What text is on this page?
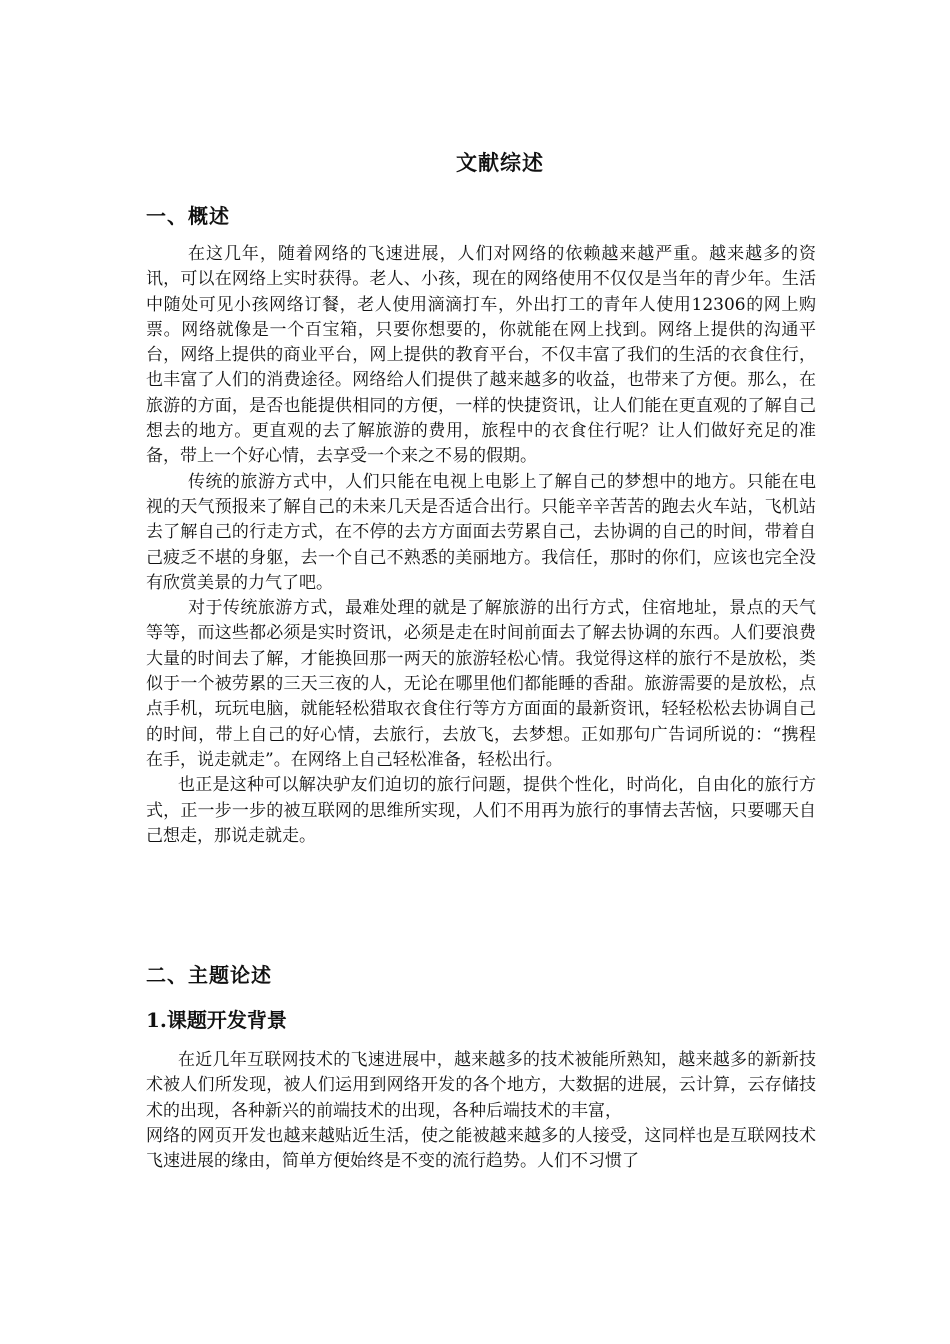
文献综述
一、概述

在这几年，随着网络的飞速进展，人们对网络的依赖越来越严重。越来越多的资讯，可以在网络上实时获得。老人、小孩，现在的网络使用不仅仅是当年的青少年。生活中随处可见小孩网络订餐，老人使用滴滴打车，外出打工的青年人使用12306的网上购票。网络就像是一个百宝箱，只要你想要的，你就能在网上找到。网络上提供的沟通平台，网络上提供的商业平台，网上提供的教育平台，不仅丰富了我们的生活的衣食住行，也丰富了人们的消费途径。网络给人们提供了越来越多的收益，也带来了方便。那么，在旅游的方面，是否也能提供相同的方便，一样的快捷资讯，让人们能在更直观的了解自己想去的地方。更直观的去了解旅游的费用，旅程中的衣食住行呢？让人们做好充足的准备，带上一个好心情，去享受一个来之不易的假期。

传统的旅游方式中，人们只能在电视上电影上了解自己的梦想中的地方。只能在电视的天气预报来了解自己的未来几天是否适合出行。只能辛辛苦苦的跑去火车站，飞机站去了解自己的行走方式，在不停的去方方面面去劳累自己，去协调的自己的时间，带着自己疲乏不堪的身躯，去一个自己不熟悉的美丽地方。我信任，那时的你们，应该也完全没有欣赏美景的力气了吧。

对于传统旅游方式，最难处理的就是了解旅游的出行方式，住宿地址，景点的天气等等，而这些都必须是实时资讯，必须是走在时间前面去了解去协调的东西。人们要浪费大量的时间去了解，才能换回那一两天的旅游轻松心情。我觉得这样的旅行不是放松，类似于一个被劳累的三天三夜的人，无论在哪里他们都能睡的香甜。旅游需要的是放松，点点手机，玩玩电脑，就能轻松猎取衣食住行等方方面面的最新资讯，轻轻松松去协调自己的时间，带上自己的好心情，去旅行，去放飞，去梦想。正如那句广告词所说的：“携程在手，说走就走”。在网络上自己轻松准备，轻松出行。

也正是这种可以解决驴友们迫切的旅行问题，提供个性化，时尚化，自由化的旅行方式，正一步一步的被互联网的思维所实现，人们不用再为旅行的事情去苦恼，只要哪天自己想走，那说走就走。

二、主题论述
1.课题开发背景

在近几年互联网技术的飞速进展中，越来越多的技术被能所熟知，越来越多的新新技术被人们所发现，被人们运用到网络开发的各个地方，大数据的进展，云计算，云存储技术的出现，各种新兴的前端技术的出现，各种后端技术的丰富，

网络的网页开发也越来越贴近生活，使之能被越来越多的人接受，这同样也是互联网技术飞速进展的缘由，简单方便始终是不变的流行趋势。人们不习惯了
